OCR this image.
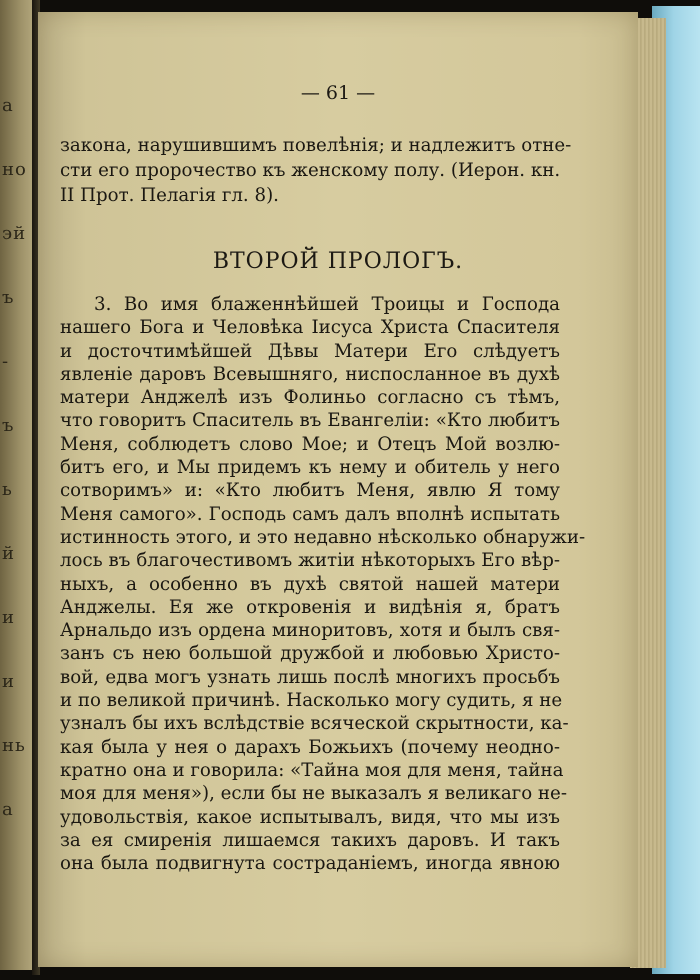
а
но
эй
ъ
-
ъ
ь
й
и
и
нь
а
— 61 —
закона, нарушившимъ повелѣнія; и надлежитъ отне-
сти его пророчество къ женскому полу. (Иерон. кн.
II Прот. Пелагія гл. 8).
ВТОРОЙ ПРОЛОГЪ.
3. Во имя блаженнѣйшей Троицы и Господа
нашего Бога и Человѣка Іисуса Христа Спасителя
и досточтимѣйшей Дѣвы Матери Его слѣдуетъ
явленіе даровъ Всевышняго, ниспосланное въ духѣ
матери Анджелѣ изъ Фолиньо согласно съ тѣмъ,
что говоритъ Спаситель въ Евангеліи: «Кто любитъ
Меня, соблюдетъ слово Мое; и Отецъ Мой возлю-
битъ его, и Мы придемъ къ нему и обитель у него
сотворимъ» и: «Кто любитъ Меня, явлю Я тому
Меня самого». Господь самъ далъ вполнѣ испытать
истинность этого, и это недавно нѣсколько обнаружи-
лось въ благочестивомъ житіи нѣкоторыхъ Его вѣр-
ныхъ, а особенно въ духѣ святой нашей матери
Анджелы. Ея же откровенія и видѣнія я, братъ
Арнальдо изъ ордена миноритовъ, хотя и былъ свя-
занъ съ нею большой дружбой и любовью Христо-
вой, едва могъ узнать лишь послѣ многихъ просьбъ
и по великой причинѣ. Насколько могу судить, я не
узналъ бы ихъ вслѣдствіе всяческой скрытности, ка-
кая была у нея о дарахъ Божьихъ (почему неодно-
кратно она и говорила: «Тайна моя для меня, тайна
моя для меня»), если бы не выказалъ я великаго не-
удовольствія, какое испытывалъ, видя, что мы изъ
за ея смиренія лишаемся такихъ даровъ. И такъ
она была подвигнута состраданіемъ, иногда явною
